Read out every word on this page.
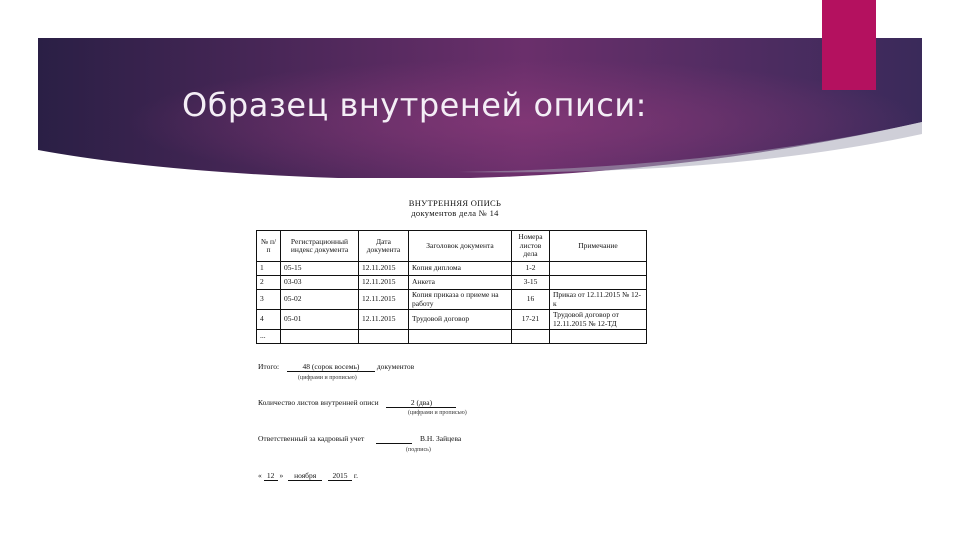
Образец внутреней описи:
ВНУТРЕННЯЯ ОПИСЬ
документов дела № 14
№ п/п	Регистрационный индекс документа	Дата документа	Заголовок документа	Номера листов дела	Примечание
1	05-15	12.11.2015	Копия диплома	1-2	
2	03-03	12.11.2015	Анкета	3-15	
3	05-02	12.11.2015	Копия приказа о приеме на работу	16	Приказ от 12.11.2015 № 12-к
4	05-01	12.11.2015	Трудовой договор	17-21	Трудовой договор от 12.11.2015 № 12-ТД
...					
Итого:	48 (сорок восемь) документов
(цифрами и прописью)
Количество листов внутренней описи	2 (два)
(цифрами и прописью)
Ответственный за кадровый учет	В.Н. Зайцева
(подпись)
« 12 » ноября 2015 г.
